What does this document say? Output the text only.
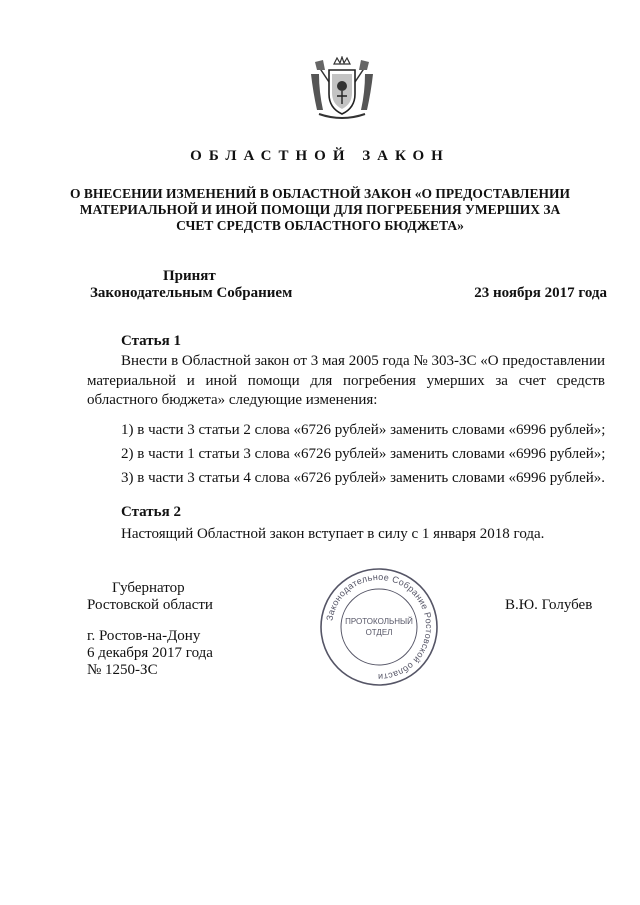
ОБЛАСТНОЙ ЗАКОН
О ВНЕСЕНИИ ИЗМЕНЕНИЙ В ОБЛАСТНОЙ ЗАКОН «О ПРЕДОСТАВЛЕНИИ МАТЕРИАЛЬНОЙ И ИНОЙ ПОМОЩИ ДЛЯ ПОГРЕБЕНИЯ УМЕРШИХ ЗА СЧЕТ СРЕДСТВ ОБЛАСТНОГО БЮДЖЕТА»
Принят
Законодательным Собранием	23 ноября 2017 года
Статья 1

Внести в Областной закон от 3 мая 2005 года № 303-ЗС «О предоставлении материальной и иной помощи для погребения умерших за счет средств областного бюджета» следующие изменения:

1) в части 3 статьи 2 слова «6726 рублей» заменить словами «6996 рублей»;
2) в части 1 статьи 3 слова «6726 рублей» заменить словами «6996 рублей»;
3) в части 3 статьи 4 слова «6726 рублей» заменить словами «6996 рублей».
Статья 2

Настоящий Областной закон вступает в силу с 1 января 2018 года.

Губернатор
Ростовской области	В.Ю. Голубев
г. Ростов-на-Дону
6 декабря 2017 года
№ 1250-ЗС
Законодательное Собрание Ростовской области
ПРОТОКОЛЬНЫЙ
ОТДЕЛ
